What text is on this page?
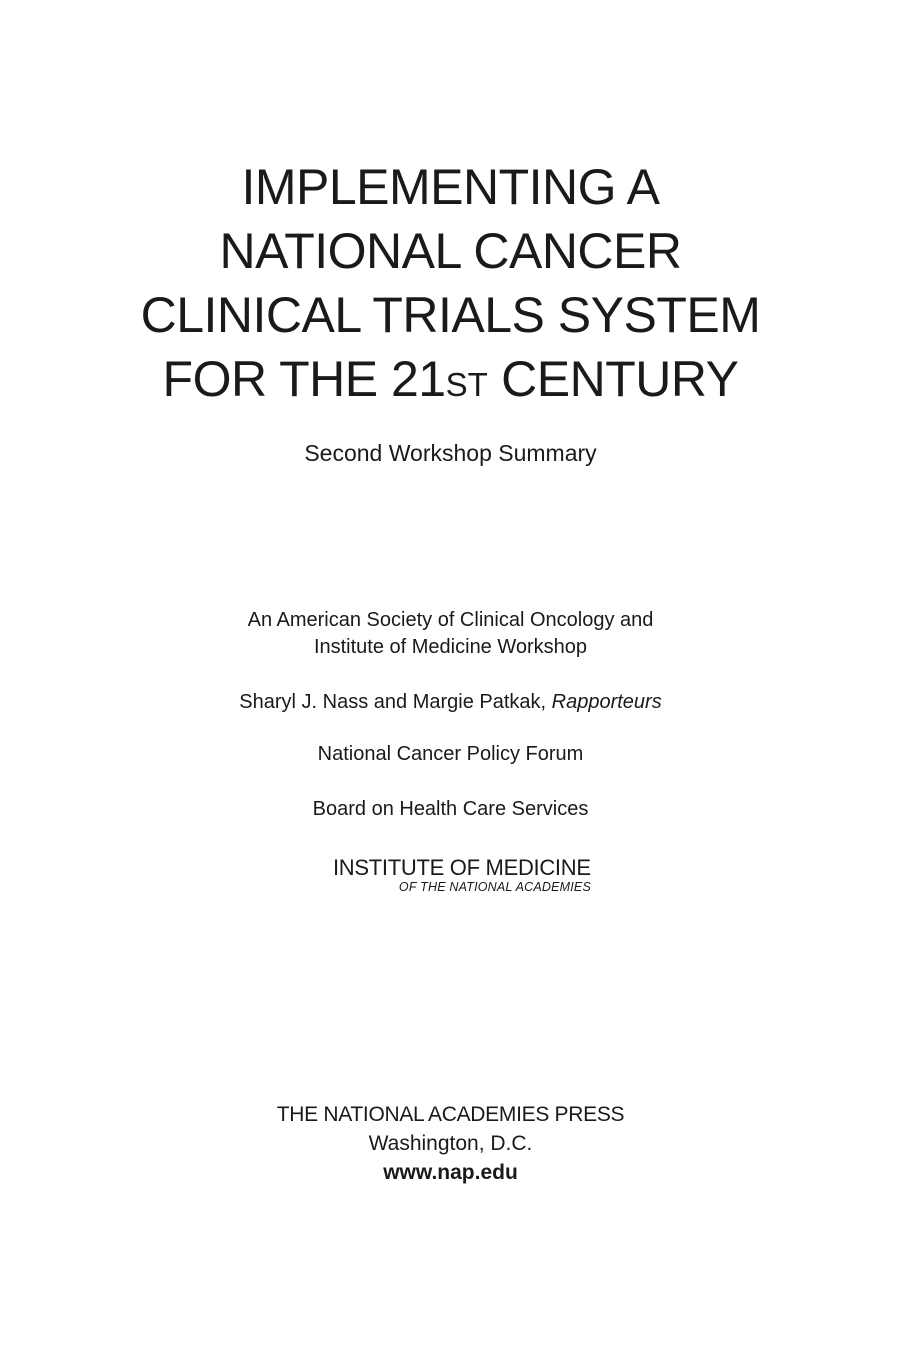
IMPLEMENTING A
NATIONAL CANCER
CLINICAL TRIALS SYSTEM
FOR THE 21ST CENTURY
Second Workshop Summary
An American Society of Clinical Oncology and
Institute of Medicine Workshop
Sharyl J. Nass and Margie Patkak, Rapporteurs
National Cancer Policy Forum
Board on Health Care Services
INSTITUTE OF MEDICINE
OF THE NATIONAL ACADEMIES
THE NATIONAL ACADEMIES PRESS
Washington, D.C.
www.nap.edu
